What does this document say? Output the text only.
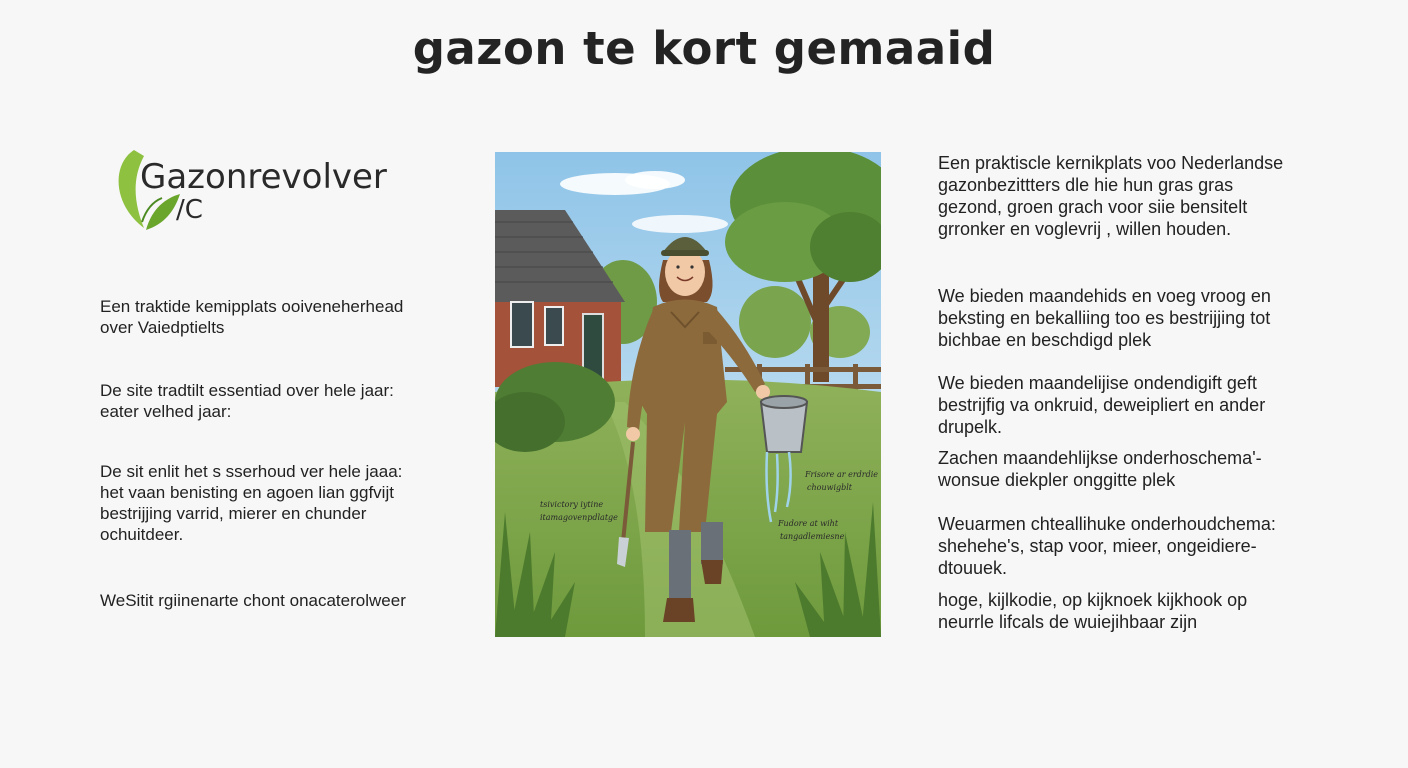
gazon te kort gemaaid
Gazonrevolver
/C

Een traktide kemipplats ooiveneherhead
over Vaiedptielts

De site tradtilt essentiad over hele jaar:
eater velhed jaar:

De sit enlit het s sserhoud ver hele jaaa:
het vaan benisting en agoen lian ggfvijt
bestrijjing varrid, mierer en chunder
ochuitdeer.

WeSitit rgiinenarte chont onacaterolweer

tsivictory iytine
itamagovenpdlatge
Frisore ar erdrdie
chouwigblt
Fudore at wiht
tangadlemiesne

Een praktiscle kernikplats voo Nederlandse
gazonbezittters dle hie hun gras gras
gezond, groen grach voor siie bensitelt
grronker en voglevrij , willen houden.

We bieden maandehids en voeg vroog en
beksting en bekalliing too es bestrijjing tot
bichbae en beschdigd plek

We bieden maandelijise ondendigift geft
bestrijfig va onkruid, deweipliert en ander
drupelk.

Zachen maandehlijkse onderhoschema'-
wonsue diekpler onggitte plek

Weuarmen chteallihuke onderhoudchema:
shehehe's, stap voor, mieer, ongeidiere-
dtouuek.

hoge, kijlkodie, op kijknoek kijkhook op
neurrle lifcals de wuiejihbaar zijn
